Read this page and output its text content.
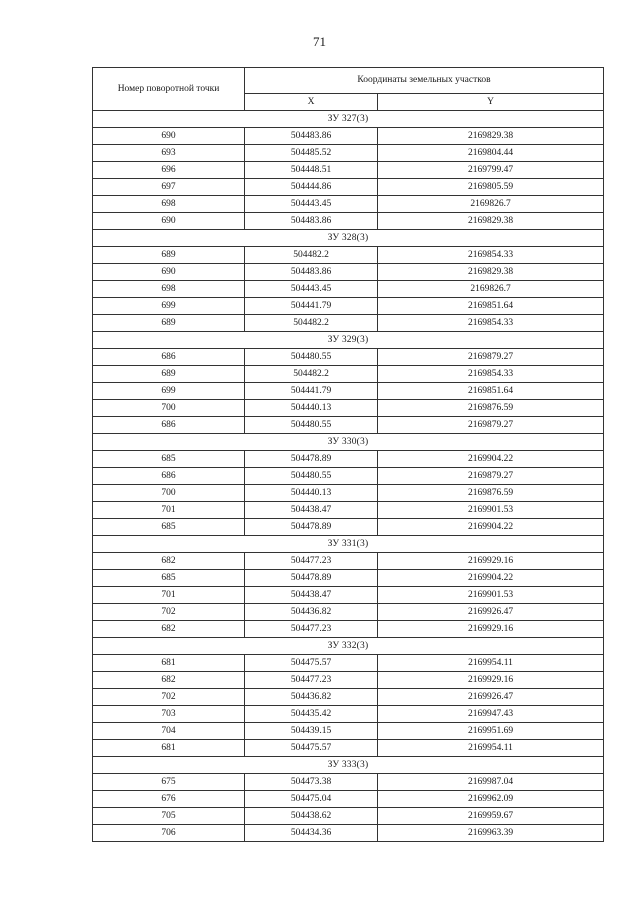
71
Номер поворотной точки	Координаты земельных участков	
	X	Y
ЗУ 327(3)		
690	504483.86	2169829.38
693	504485.52	2169804.44
696	504448.51	2169799.47
697	504444.86	2169805.59
698	504443.45	2169826.7
690	504483.86	2169829.38
ЗУ 328(3)		
689	504482.2	2169854.33
690	504483.86	2169829.38
698	504443.45	2169826.7
699	504441.79	2169851.64
689	504482.2	2169854.33
ЗУ 329(3)		
686	504480.55	2169879.27
689	504482.2	2169854.33
699	504441.79	2169851.64
700	504440.13	2169876.59
686	504480.55	2169879.27
ЗУ 330(3)		
685	504478.89	2169904.22
686	504480.55	2169879.27
700	504440.13	2169876.59
701	504438.47	2169901.53
685	504478.89	2169904.22
ЗУ 331(3)		
682	504477.23	2169929.16
685	504478.89	2169904.22
701	504438.47	2169901.53
702	504436.82	2169926.47
682	504477.23	2169929.16
ЗУ 332(3)		
681	504475.57	2169954.11
682	504477.23	2169929.16
702	504436.82	2169926.47
703	504435.42	2169947.43
704	504439.15	2169951.69
681	504475.57	2169954.11
ЗУ 333(3)		
675	504473.38	2169987.04
676	504475.04	2169962.09
705	504438.62	2169959.67
706	504434.36	2169963.39
